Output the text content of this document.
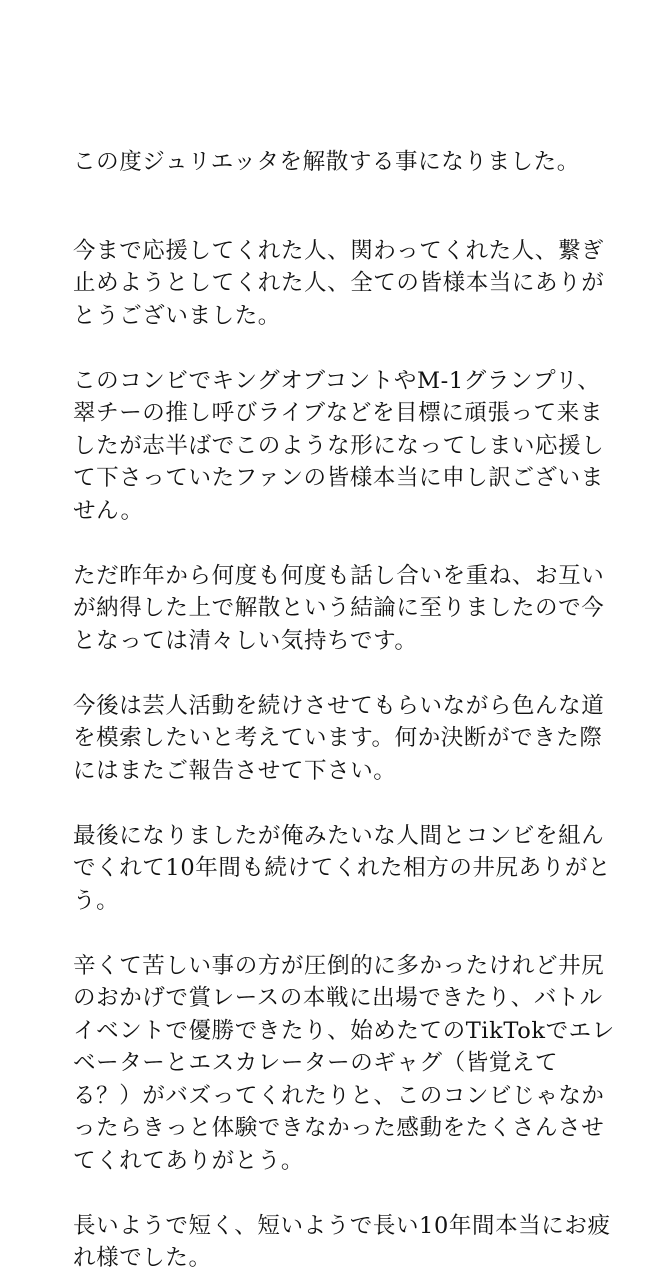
この度ジュリエッタを解散する事になりました。

今まで応援してくれた人、関わってくれた人、繋ぎ
止めようとしてくれた人、全ての皆様本当にありが
とうございました。

このコンビでキングオブコントやM-1グランプリ、
翠チーの推し呼びライブなどを目標に頑張って来ま
したが志半ばでこのような形になってしまい応援し
て下さっていたファンの皆様本当に申し訳ございま
せん。

ただ昨年から何度も何度も話し合いを重ね、お互い
が納得した上で解散という結論に至りましたので今
となっては清々しい気持ちです。

今後は芸人活動を続けさせてもらいながら色んな道
を模索したいと考えています。何か決断ができた際
にはまたご報告させて下さい。

最後になりましたが俺みたいな人間とコンビを組ん
でくれて10年間も続けてくれた相方の井尻ありがと
う。

辛くて苦しい事の方が圧倒的に多かったけれど井尻
のおかげで賞レースの本戦に出場できたり、バトル
イベントで優勝できたり、始めたてのTikTokでエレ
ベーターとエスカレーターのギャグ（皆覚えて
る？）がバズってくれたりと、このコンビじゃなか
ったらきっと体験できなかった感動をたくさんさせ
てくれてありがとう。

長いようで短く、短いようで長い10年間本当にお疲
れ様でした。
